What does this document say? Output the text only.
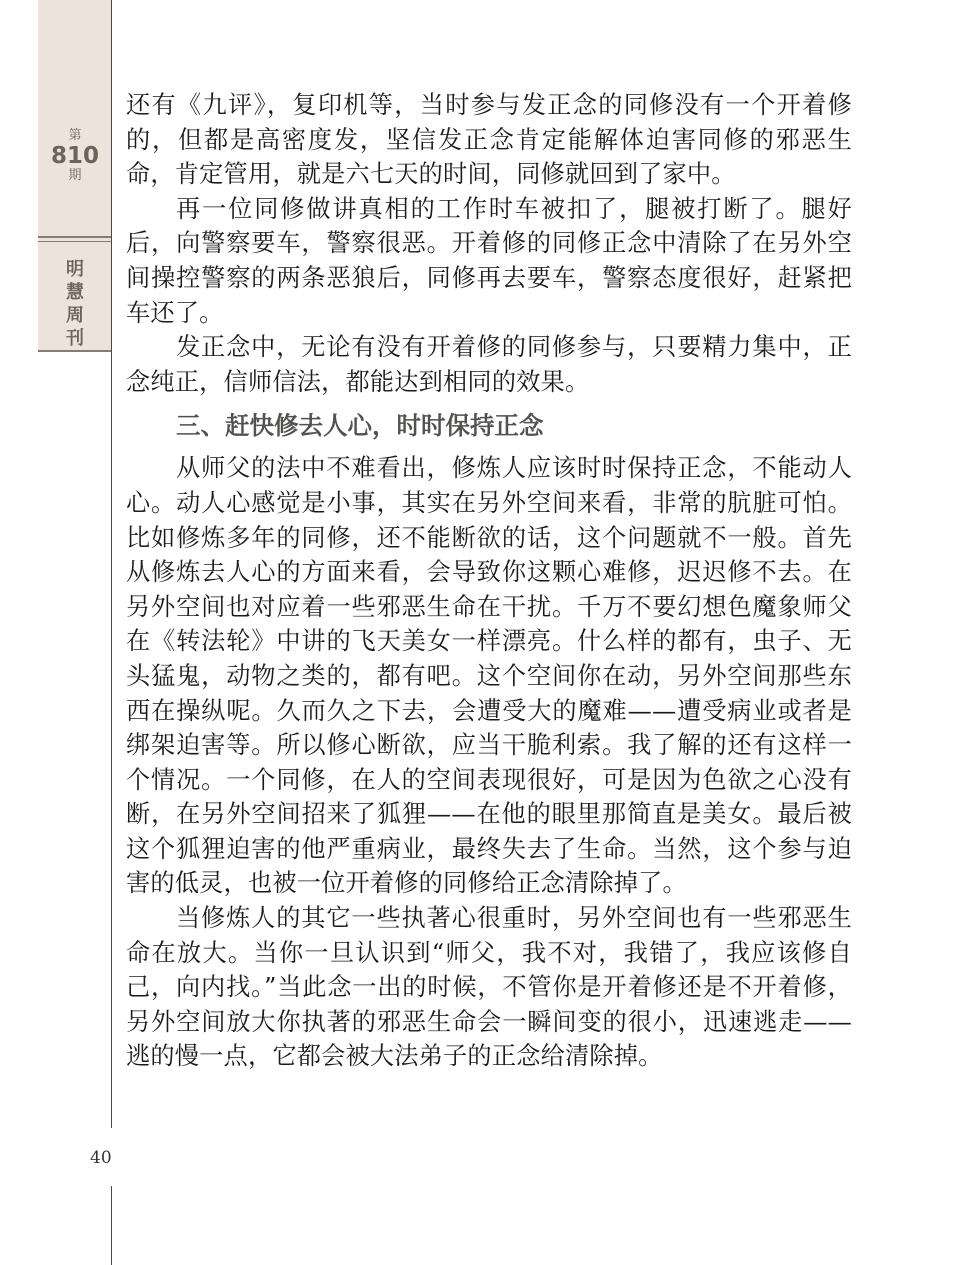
第
810
期
明
慧
周
刊
40

还有《九评》，复印机等，当时参与发正念的同修没有一个开着修的，但都是高密度发，坚信发正念肯定能解体迫害同修的邪恶生命，肯定管用，就是六七天的时间，同修就回到了家中。

再一位同修做讲真相的工作时车被扣了，腿被打断了。腿好后，向警察要车，警察很恶。开着修的同修正念中清除了在另外空间操控警察的两条恶狼后，同修再去要车，警察态度很好，赶紧把车还了。

发正念中，无论有没有开着修的同修参与，只要精力集中，正念纯正，信师信法，都能达到相同的效果。

三、赶快修去人心，时时保持正念

从师父的法中不难看出，修炼人应该时时保持正念，不能动人心。动人心感觉是小事，其实在另外空间来看，非常的肮脏可怕。比如修炼多年的同修，还不能断欲的话，这个问题就不一般。首先从修炼去人心的方面来看，会导致你这颗心难修，迟迟修不去。在另外空间也对应着一些邪恶生命在干扰。千万不要幻想色魔象师父在《转法轮》中讲的飞天美女一样漂亮。什么样的都有，虫子、无头猛鬼，动物之类的，都有吧。这个空间你在动，另外空间那些东西在操纵呢。久而久之下去，会遭受大的魔难——遭受病业或者是绑架迫害等。所以修心断欲，应当干脆利索。我了解的还有这样一个情况。一个同修，在人的空间表现很好，可是因为色欲之心没有断，在另外空间招来了狐狸——在他的眼里那简直是美女。最后被这个狐狸迫害的他严重病业，最终失去了生命。当然，这个参与迫害的低灵，也被一位开着修的同修给正念清除掉了。

当修炼人的其它一些执著心很重时，另外空间也有一些邪恶生命在放大。当你一旦认识到“师父，我不对，我错了，我应该修自己，向内找。”当此念一出的时候，不管你是开着修还是不开着修，另外空间放大你执著的邪恶生命会一瞬间变的很小，迅速逃走——逃的慢一点，它都会被大法弟子的正念给清除掉。
